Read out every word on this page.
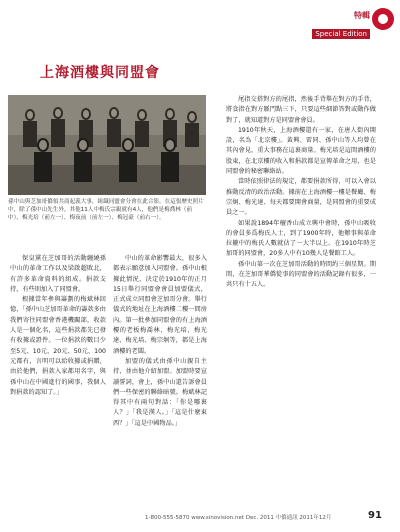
特輯
Special Edition
上海酒樓與同盟會
孫中山與芝加哥僑領共商起義大事，組織同盟會分會在此合影。在這張歷史照片中，除了孫中山先生外，其他11人中梅氏宗親就有4人，他們是梅喬林（前中）、梅光培（前左一）、梅夜前（前左一）、梅冠豪（前右一）。

保皇黨在芝加哥的活動纏繞孫中山的革命工作以及梁啟超敗北，有許多革命資料的組成。捐款支持，有些則加入了同盟會。

根據當年參與籌劃的梅斌林回憶，「孫中山芝加哥革命的籌款多由我們寄往同盟會香港機關部，收款人是一個化名，這些捐款都先已發有收據或證件。一位捐款的數目少至5元、10元、20元、50元、100元都有，言明可以給收據或捐贈，由於他們，捐款入家都用名字，與孫中山在中國進行的國事，我個人對捐款的認知了。」

中山的革命影響最大，很多入都表示願意加入同盟會。孫中山根據此情況，決定於1910年的正月15日舉行同盟會會員加盟儀式，正式成立同盟會芝加哥分會。舉行儀式的地址在上海酒樓二樓一間房內。第一批參加同盟會的有上海酒樓的老板梅喬林、梅光培、梅光達、梅光培、梅宗炯等，都是上海酒樓的老闆。

加盟的儀式由孫中山親自主持，並由他介紹加盟。加盟時要宣讀誓詞，會上，孫中山還告訴會員們一些保密的聯絡暗號。梅斌林記得其中有兩句對話：「你是哪裏人？」「我是漢人。」「這是什麼東西？」「這是中國物品。」

尾指交搭對方的尾指，然後手背舉在對方的手背，將食指在對方脈門點三下，只要這些細節答對或動作做對了，就知道對方是同盟會會員。

1910年秋天，上海酒樓還有一家，在唐人街內開設，名為「北京樓」。黃興、雷同、孫中山等人均曾在其內會見，重大事務在這裏商量。梅光培是這間酒樓的股東，在北京樓的收入和捐款都是宣傳革命之用，也是同盟會的秘密聯絡站。

當時依照律法的規定，都要捐款所得，可以入會以推動反清的政治活動。據前在上海酒樓一樓是餐廳、梅宗炯、梅光達、每天都要開會商量，是同盟會的重要成員之一。

如果說1894年檀香山成立興中會時，孫中山吸收的會員多爲梅氏人士，到了1900年時，他辦事與革命拉攏中的梅氏人數就佔了一大半以上。在1910年時芝加哥的同盟會，20多人中有10幾人是餐館工人。

孫中山第一次在芝加哥活動的時間約三個星期。期間，在芝加哥華僑從事的同盟會的活動記錄有很多，一共只有十五人。

1-800-555-5870 www.sinovision.net Dec. 2011 中僑通訊 2011年12月	91
